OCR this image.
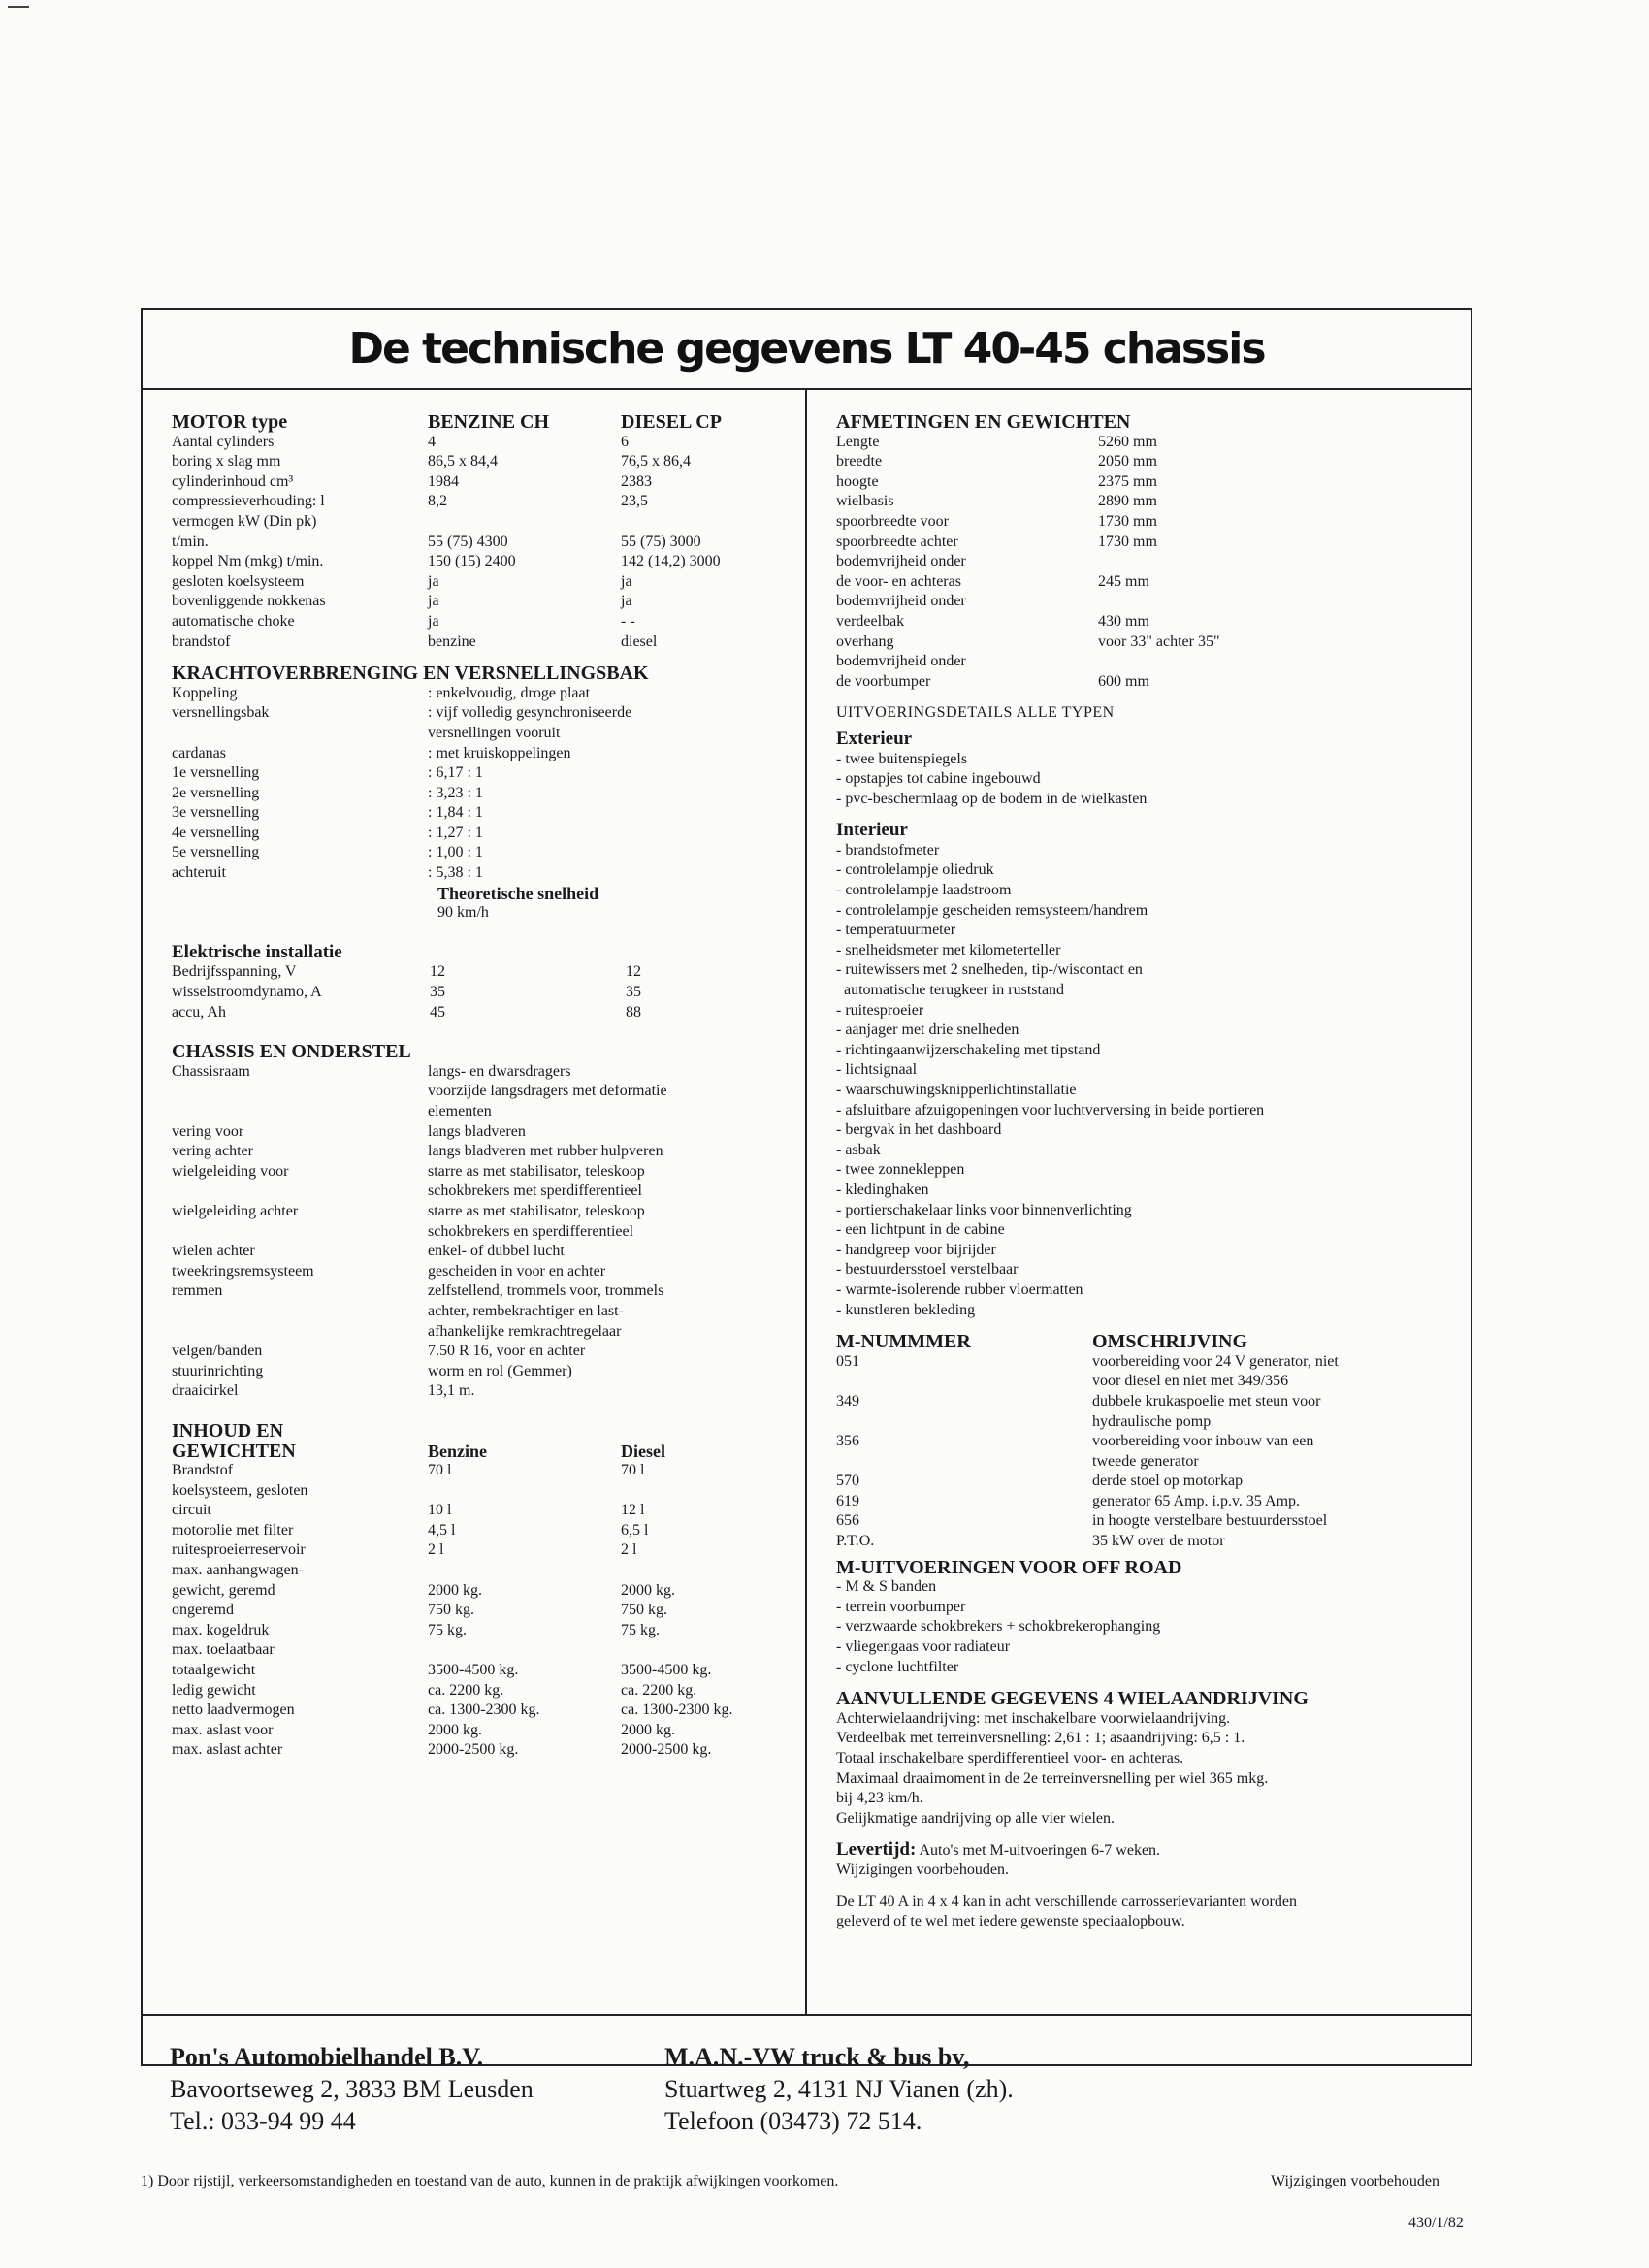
De technische gegevens LT 40-45 chassis
MOTOR type	BENZINE CH	DIESEL CP
Aantal cylinders	4	6
boring x slag mm	86,5 x 84,4	76,5 x 86,4
cylinderinhoud cm³	1984	2383
compressieverhouding: l	8,2	23,5
vermogen kW (Din pk)
t/min.	55 (75) 4300	55 (75) 3000
koppel Nm (mkg) t/min.	150 (15) 2400	142 (14,2) 3000
gesloten koelsysteem	ja	ja
bovenliggende nokkenas	ja	ja
automatische choke	ja	- -
brandstof	benzine	diesel
KRACHTOVERBRENGING EN VERSNELLINGSBAK
Koppeling	: enkelvoudig, droge plaat
versnellingsbak	: vijf volledig gesynchroniseerde
versnellingen vooruit
cardanas	: met kruiskoppelingen
1e versnelling	: 6,17 : 1
2e versnelling	: 3,23 : 1
3e versnelling	: 1,84 : 1
4e versnelling	: 1,27 : 1
5e versnelling	: 1,00 : 1
achteruit	: 5,38 : 1
Theoretische snelheid
90 km/h
Elektrische installatie
Bedrijfsspanning, V	12	12
wisselstroomdynamo, A	35	35
accu, Ah	45	88
CHASSIS EN ONDERSTEL
Chassisraam	langs- en dwarsdragers
voorzijde langsdragers met deformatie
elementen
vering voor	langs bladveren
vering achter	langs bladveren met rubber hulpveren
wielgeleiding voor	starre as met stabilisator, teleskoop
schokbrekers met sperdifferentieel
wielgeleiding achter	starre as met stabilisator, teleskoop
schokbrekers en sperdifferentieel
wielen achter	enkel- of dubbel lucht
tweekringsremsysteem	gescheiden in voor en achter
remmen	zelfstellend, trommels voor, trommels
achter, rembekrachtiger en last-
afhankelijke remkrachtregelaar
velgen/banden	7.50 R 16, voor en achter
stuurinrichting	worm en rol (Gemmer)
draaicirkel	13,1 m.
INHOUD EN
GEWICHTEN	Benzine	Diesel
Brandstof	70 l	70 l
koelsysteem, gesloten
circuit	10 l	12 l
motorolie met filter	4,5 l	6,5 l
ruitesproeierreservoir	2 l	2 l
max. aanhangwagen-
gewicht, geremd	2000 kg.	2000 kg.
ongeremd	750 kg.	750 kg.
max. kogeldruk	75 kg.	75 kg.
max. toelaatbaar
totaalgewicht	3500-4500 kg.	3500-4500 kg.
ledig gewicht	ca. 2200 kg.	ca. 2200 kg.
netto laadvermogen	ca. 1300-2300 kg.	ca. 1300-2300 kg.
max. aslast voor	2000 kg.	2000 kg.
max. aslast achter	2000-2500 kg.	2000-2500 kg.
AFMETINGEN EN GEWICHTEN
Lengte	5260 mm
breedte	2050 mm
hoogte	2375 mm
wielbasis	2890 mm
spoorbreedte voor	1730 mm
spoorbreedte achter	1730 mm
bodemvrijheid onder
de voor- en achteras	245 mm
bodemvrijheid onder
verdeelbak	430 mm
overhang	voor 33" achter 35"
bodemvrijheid onder
de voorbumper	600 mm
UITVOERINGSDETAILS ALLE TYPEN
Exterieur
- twee buitenspiegels
- opstapjes tot cabine ingebouwd
- pvc-beschermlaag op de bodem in de wielkasten
Interieur
- brandstofmeter
- controlelampje oliedruk
- controlelampje laadstroom
- controlelampje gescheiden remsysteem/handrem
- temperatuurmeter
- snelheidsmeter met kilometerteller
- ruitewissers met 2 snelheden, tip-/wiscontact en
automatische terugkeer in ruststand
- ruitesproeier
- aanjager met drie snelheden
- richtingaanwijzerschakeling met tipstand
- lichtsignaal
- waarschuwingsknipperlichtinstallatie
- afsluitbare afzuigopeningen voor luchtverversing in beide portieren
- bergvak in het dashboard
- asbak
- twee zonnekleppen
- kledinghaken
- portierschakelaar links voor binnenverlichting
- een lichtpunt in de cabine
- handgreep voor bijrijder
- bestuurdersstoel verstelbaar
- warmte-isolerende rubber vloermatten
- kunstleren bekleding
M-NUMMMER	OMSCHRIJVING
051	voorbereiding voor 24 V generator, niet
voor diesel en niet met 349/356
349	dubbele krukaspoelie met steun voor
hydraulische pomp
356	voorbereiding voor inbouw van een
tweede generator
570	derde stoel op motorkap
619	generator 65 Amp. i.p.v. 35 Amp.
656	in hoogte verstelbare bestuurdersstoel
P.T.O.	35 kW over de motor
M-UITVOERINGEN VOOR OFF ROAD
- M & S banden
- terrein voorbumper
- verzwaarde schokbrekers + schokbrekerophanging
- vliegengaas voor radiateur
- cyclone luchtfilter
AANVULLENDE GEGEVENS 4 WIELAANDRIJVING
Achterwielaandrijving: met inschakelbare voorwielaandrijving.
Verdeelbak met terreinversnelling: 2,61 : 1; asaandrijving: 6,5 : 1.
Totaal inschakelbare sperdifferentieel voor- en achteras.
Maximaal draaimoment in de 2e terreinversnelling per wiel 365 mkg.
bij 4,23 km/h.
Gelijkmatige aandrijving op alle vier wielen.
Levertijd: Auto's met M-uitvoeringen 6-7 weken.
Wijzigingen voorbehouden.
De LT 40 A in 4 x 4 kan in acht verschillende carrosserievarianten worden
geleverd of te wel met iedere gewenste speciaalopbouw.
Pon's Automobielhandel B.V.
Bavoortseweg 2, 3833 BM Leusden
Tel.: 033-94 99 44
M.A.N.-VW truck & bus bv,
Stuartweg 2, 4131 NJ Vianen (zh).
Telefoon (03473) 72 514.
1) Door rijstijl, verkeersomstandigheden en toestand van de auto, kunnen in de praktijk afwijkingen voorkomen.	Wijzigingen voorbehouden
430/1/82
